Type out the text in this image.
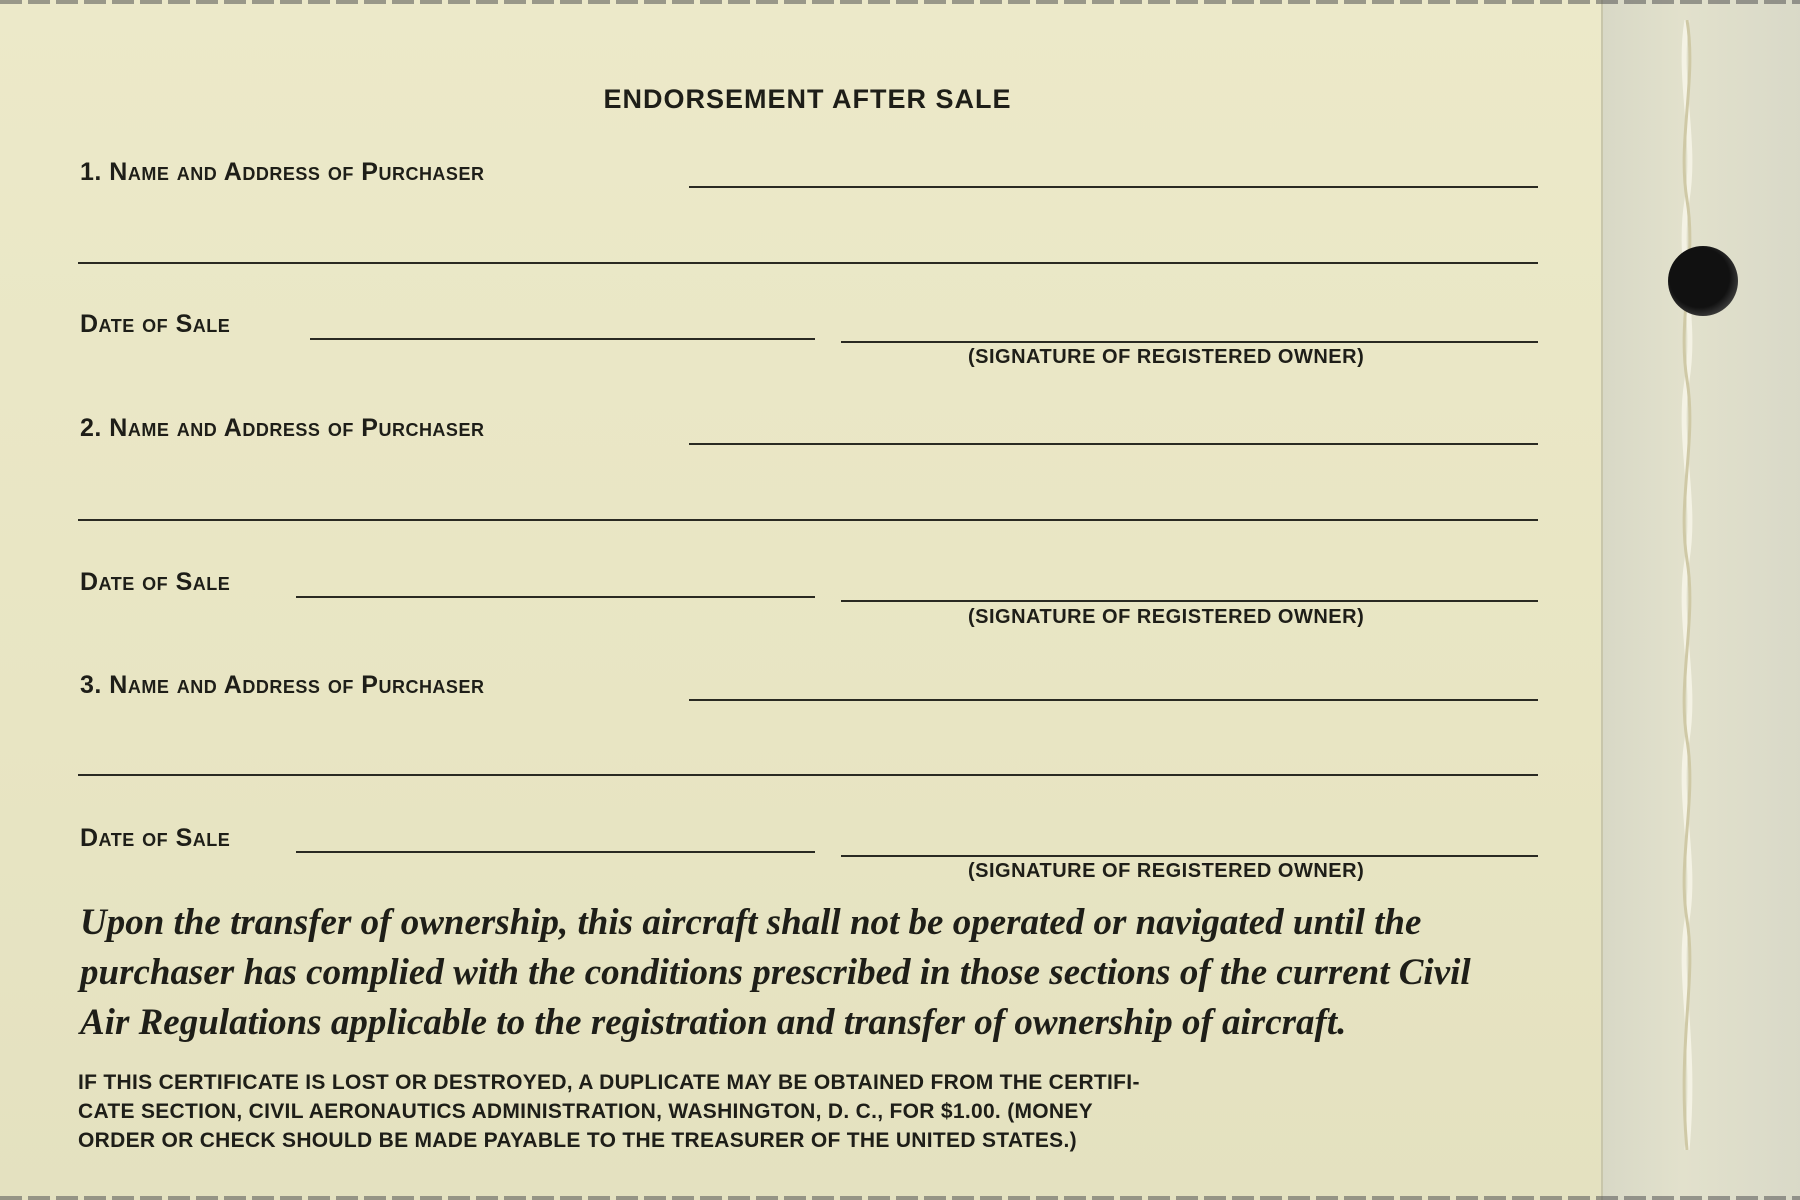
ENDORSEMENT AFTER SALE
1. Name and Address of Purchaser
Date of Sale
(SIGNATURE OF REGISTERED OWNER)
2. Name and Address of Purchaser
Date of Sale
(SIGNATURE OF REGISTERED OWNER)
3. Name and Address of Purchaser
Date of Sale
(SIGNATURE OF REGISTERED OWNER)
Upon the transfer of ownership, this aircraft shall not be operated or navigated until the
purchaser has complied with the conditions prescribed in those sections of the current Civil
Air Regulations applicable to the registration and transfer of ownership of aircraft.
IF THIS CERTIFICATE IS LOST OR DESTROYED, A DUPLICATE MAY BE OBTAINED FROM THE CERTIFI-
CATE SECTION, CIVIL AERONAUTICS ADMINISTRATION, WASHINGTON, D. C., FOR $1.00. (MONEY
ORDER OR CHECK SHOULD BE MADE PAYABLE TO THE TREASURER OF THE UNITED STATES.)
